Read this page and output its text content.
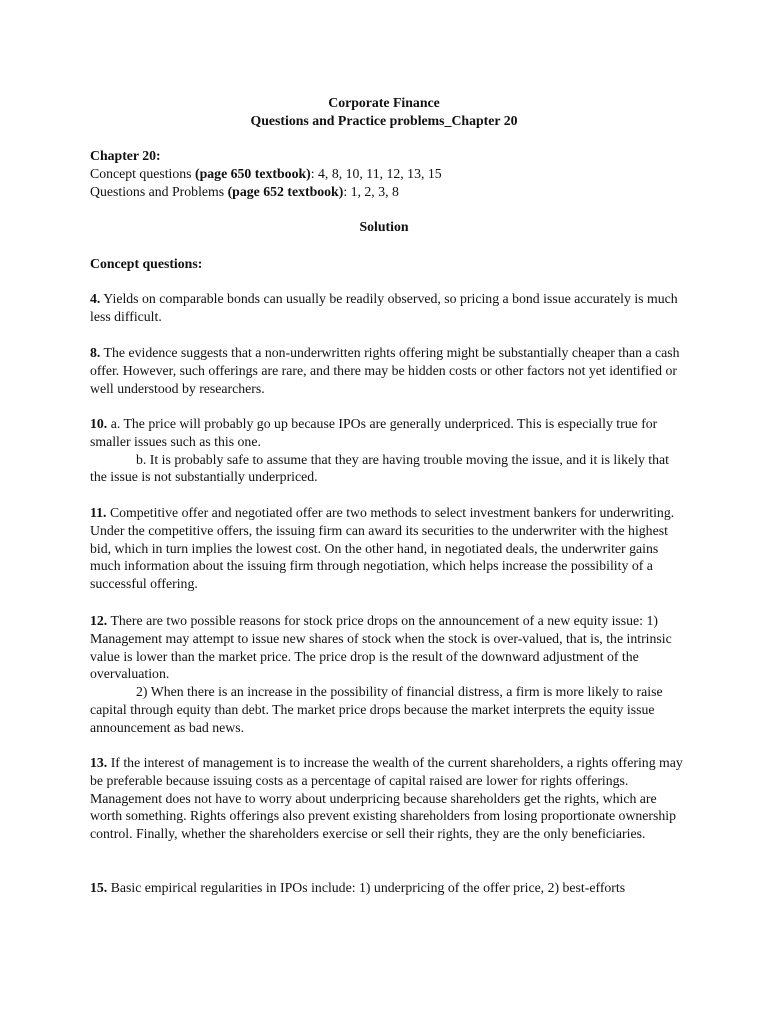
Corporate Finance
Questions and Practice problems_Chapter 20

Chapter 20:

Concept questions (page 650 textbook): 4, 8, 10, 11, 12, 13, 15

Questions and Problems (page 652 textbook): 1, 2, 3, 8

Solution
Concept questions:

4. Yields on comparable bonds can usually be readily observed, so pricing a bond issue accurately is much less difficult.

8. The evidence suggests that a non-underwritten rights offering might be substantially cheaper than a cash offer. However, such offerings are rare, and there may be hidden costs or other factors not yet identified or well understood by researchers.

10. a. The price will probably go up because IPOs are generally underpriced. This is especially true for smaller issues such as this one.

b. It is probably safe to assume that they are having trouble moving the issue, and it is likely that the issue is not substantially underpriced.

11. Competitive offer and negotiated offer are two methods to select investment bankers for underwriting. Under the competitive offers, the issuing firm can award its securities to the underwriter with the highest bid, which in turn implies the lowest cost. On the other hand, in negotiated deals, the underwriter gains much information about the issuing firm through negotiation, which helps increase the possibility of a successful offering.

12. There are two possible reasons for stock price drops on the announcement of a new equity issue: 1) Management may attempt to issue new shares of stock when the stock is over-valued, that is, the intrinsic value is lower than the market price. The price drop is the result of the downward adjustment of the overvaluation.

2) When there is an increase in the possibility of financial distress, a firm is more likely to raise capital through equity than debt. The market price drops because the market interprets the equity issue announcement as bad news.

13. If the interest of management is to increase the wealth of the current shareholders, a rights offering may be preferable because issuing costs as a percentage of capital raised are lower for rights offerings. Management does not have to worry about underpricing because shareholders get the rights, which are worth something. Rights offerings also prevent existing shareholders from losing proportionate ownership control. Finally, whether the shareholders exercise or sell their rights, they are the only beneficiaries.

15. Basic empirical regularities in IPOs include: 1) underpricing of the offer price, 2) best-efforts
